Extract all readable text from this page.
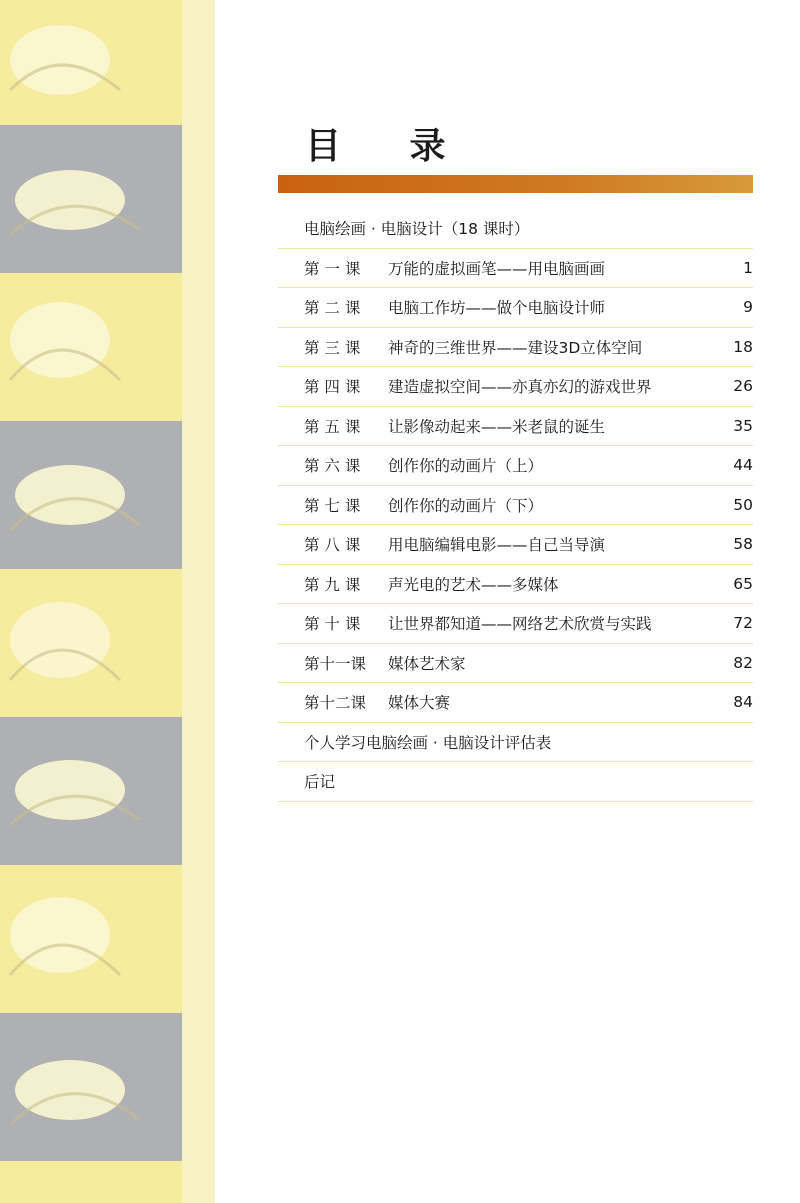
目 录
电脑绘画 · 电脑设计（18 课时）
第 一 课	万能的虚拟画笔——用电脑画画	1
第 二 课	电脑工作坊——做个电脑设计师	9
第 三 课	神奇的三维世界——建设3D立体空间	18
第 四 课	建造虚拟空间——亦真亦幻的游戏世界	26
第 五 课	让影像动起来——米老鼠的诞生	35
第 六 课	创作你的动画片（上）	44
第 七 课	创作你的动画片（下）	50
第 八 课	用电脑编辑电影——自己当导演	58
第 九 课	声光电的艺术——多媒体	65
第 十 课	让世界都知道——网络艺术欣赏与实践	72
第十一课	媒体艺术家	82
第十二课	媒体大赛	84
个人学习电脑绘画 · 电脑设计评估表
后记
